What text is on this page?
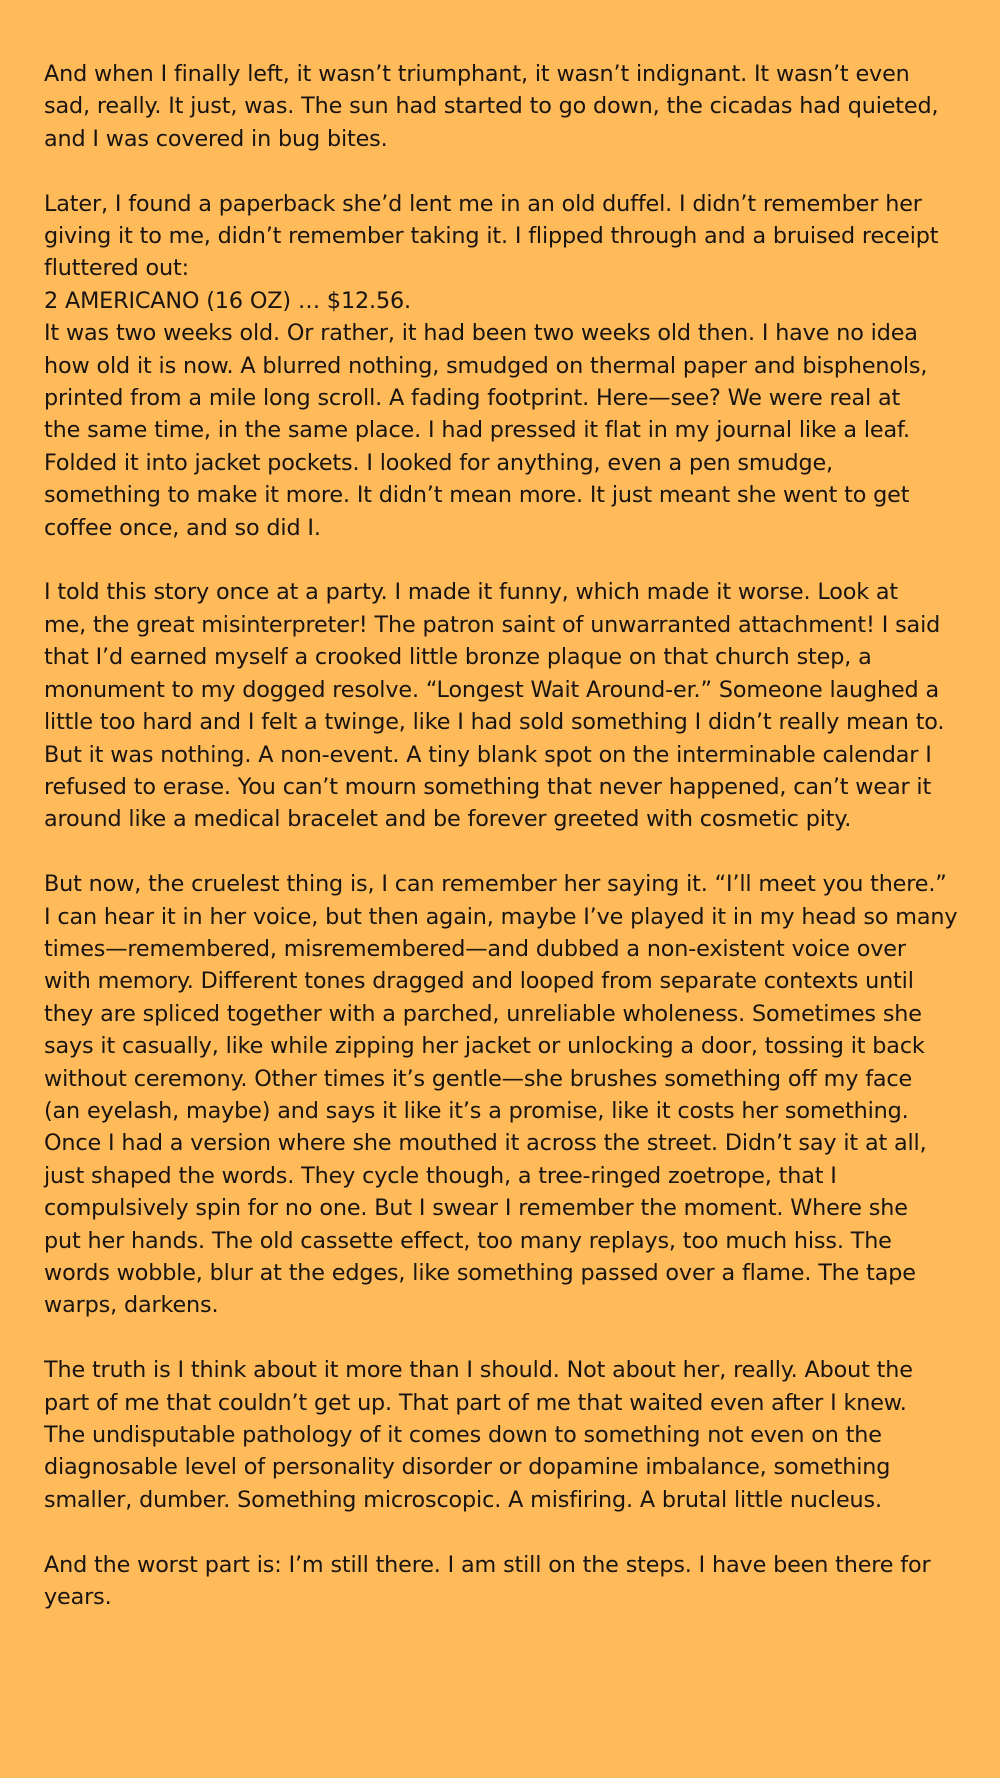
And when I finally left, it wasn’t triumphant, it wasn’t indignant. It wasn’t even
sad, really. It just, was. The sun had started to go down, the cicadas had quieted,
and I was covered in bug bites.

Later, I found a paperback she’d lent me in an old duffel. I didn’t remember her
giving it to me, didn’t remember taking it. I flipped through and a bruised receipt
fluttered out:
2 AMERICANO (16 OZ) … $12.56.
It was two weeks old. Or rather, it had been two weeks old then. I have no idea
how old it is now. A blurred nothing, smudged on thermal paper and bisphenols,
printed from a mile long scroll. A fading footprint. Here—see? We were real at
the same time, in the same place. I had pressed it flat in my journal like a leaf.
Folded it into jacket pockets. I looked for anything, even a pen smudge,
something to make it more. It didn’t mean more. It just meant she went to get
coffee once, and so did I.

I told this story once at a party. I made it funny, which made it worse. Look at
me, the great misinterpreter! The patron saint of unwarranted attachment! I said
that I’d earned myself a crooked little bronze plaque on that church step, a
monument to my dogged resolve. “Longest Wait Around-er.” Someone laughed a
little too hard and I felt a twinge, like I had sold something I didn’t really mean to.
But it was nothing. A non-event. A tiny blank spot on the interminable calendar I
refused to erase. You can’t mourn something that never happened, can’t wear it
around like a medical bracelet and be forever greeted with cosmetic pity.

But now, the cruelest thing is, I can remember her saying it. “I’ll meet you there.”
I can hear it in her voice, but then again, maybe I’ve played it in my head so many
times—remembered, misremembered—and dubbed a non-existent voice over
with memory. Different tones dragged and looped from separate contexts until
they are spliced together with a parched, unreliable wholeness. Sometimes she
says it casually, like while zipping her jacket or unlocking a door, tossing it back
without ceremony. Other times it’s gentle—she brushes something off my face
(an eyelash, maybe) and says it like it’s a promise, like it costs her something.
Once I had a version where she mouthed it across the street. Didn’t say it at all,
just shaped the words. They cycle though, a tree-ringed zoetrope, that I
compulsively spin for no one. But I swear I remember the moment. Where she
put her hands. The old cassette effect, too many replays, too much hiss. The
words wobble, blur at the edges, like something passed over a flame. The tape
warps, darkens.

The truth is I think about it more than I should. Not about her, really. About the
part of me that couldn’t get up. That part of me that waited even after I knew.
The undisputable pathology of it comes down to something not even on the
diagnosable level of personality disorder or dopamine imbalance, something
smaller, dumber. Something microscopic. A misfiring. A brutal little nucleus.

And the worst part is: I’m still there. I am still on the steps. I have been there for
years.
